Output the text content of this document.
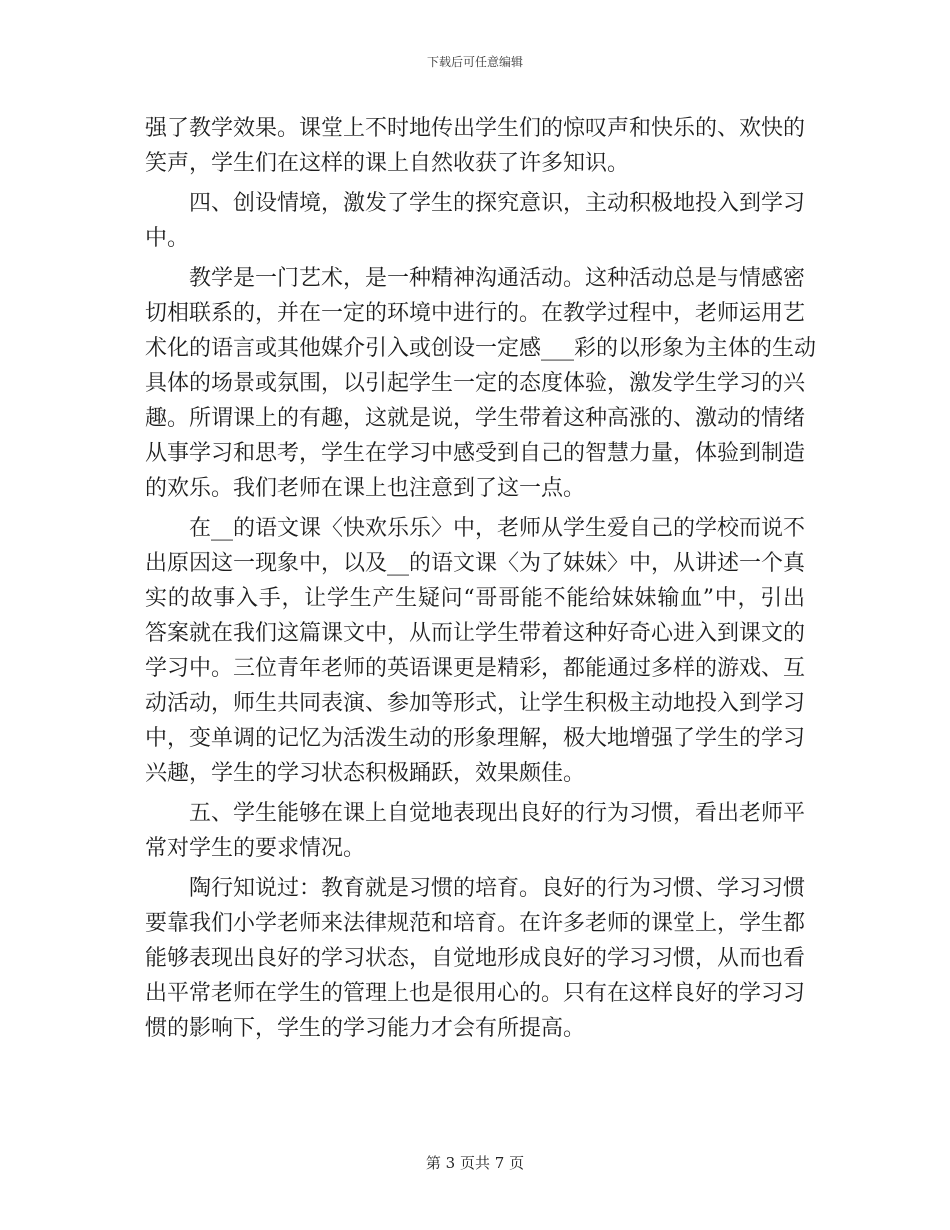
下载后可任意编辑
强了教学效果。课堂上不时地传出学生们的惊叹声和快乐的、欢快的
笑声，学生们在这样的课上自然收获了许多知识。
四、创设情境，激发了学生的探究意识，主动积极地投入到学习
中。
教学是一门艺术，是一种精神沟通活动。这种活动总是与情感密
切相联系的，并在一定的环境中进行的。在教学过程中，老师运用艺
术化的语言或其他媒介引入或创设一定感___彩的以形象为主体的生动
具体的场景或氛围，以引起学生一定的态度体验，激发学生学习的兴
趣。所谓课上的有趣，这就是说，学生带着这种高涨的、激动的情绪
从事学习和思考，学生在学习中感受到自己的智慧力量，体验到制造
的欢乐。我们老师在课上也注意到了这一点。
在__的语文课〈快欢乐乐〉中，老师从学生爱自己的学校而说不
出原因这一现象中，以及__的语文课〈为了妹妹〉中，从讲述一个真
实的故事入手，让学生产生疑问“哥哥能不能给妹妹输血”中，引出
答案就在我们这篇课文中，从而让学生带着这种好奇心进入到课文的
学习中。三位青年老师的英语课更是精彩，都能通过多样的游戏、互
动活动，师生共同表演、参加等形式，让学生积极主动地投入到学习
中，变单调的记忆为活泼生动的形象理解，极大地增强了学生的学习
兴趣，学生的学习状态积极踊跃，效果颇佳。
五、学生能够在课上自觉地表现出良好的行为习惯，看出老师平
常对学生的要求情况。
陶行知说过：教育就是习惯的培育。良好的行为习惯、学习习惯
要靠我们小学老师来法律规范和培育。在许多老师的课堂上，学生都
能够表现出良好的学习状态，自觉地形成良好的学习习惯，从而也看
出平常老师在学生的管理上也是很用心的。只有在这样良好的学习习
惯的影响下，学生的学习能力才会有所提高。
第 3 页共 7 页
